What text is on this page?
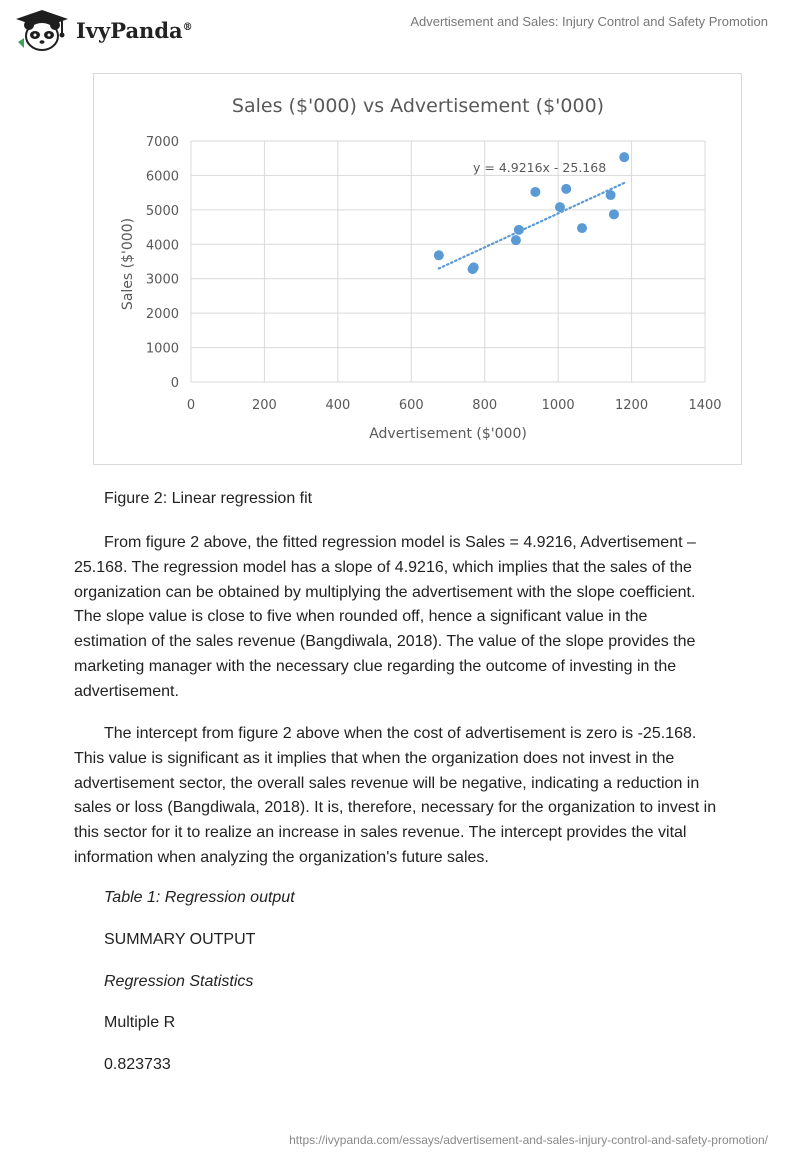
IvyPanda®	Advertisement and Sales: Injury Control and Safety Promotion
Sales ($'000) vs Advertisement ($'000)
Advertisement ($'000)
Sales ($'000)
y = 4.9216x - 25.168
0
1000
2000
3000
4000
5000
6000
7000
0	200	400	600	800	1000	1200	1400
Figure 2: Linear regression fit

From figure 2 above, the fitted regression model is Sales = 4.9216, Advertisement – 25.168. The regression model has a slope of 4.9216, which implies that the sales of the organization can be obtained by multiplying the advertisement with the slope coefficient. The slope value is close to five when rounded off, hence a significant value in the estimation of the sales revenue (Bangdiwala, 2018). The value of the slope provides the marketing manager with the necessary clue regarding the outcome of investing in the advertisement.

The intercept from figure 2 above when the cost of advertisement is zero is -25.168. This value is significant as it implies that when the organization does not invest in the advertisement sector, the overall sales revenue will be negative, indicating a reduction in sales or loss (Bangdiwala, 2018). It is, therefore, necessary for the organization to invest in this sector for it to realize an increase in sales revenue. The intercept provides the vital information when analyzing the organization's future sales.

Table 1: Regression output
SUMMARY OUTPUT
Regression Statistics
Multiple R
0.823733
https://ivypanda.com/essays/advertisement-and-sales-injury-control-and-safety-promotion/
